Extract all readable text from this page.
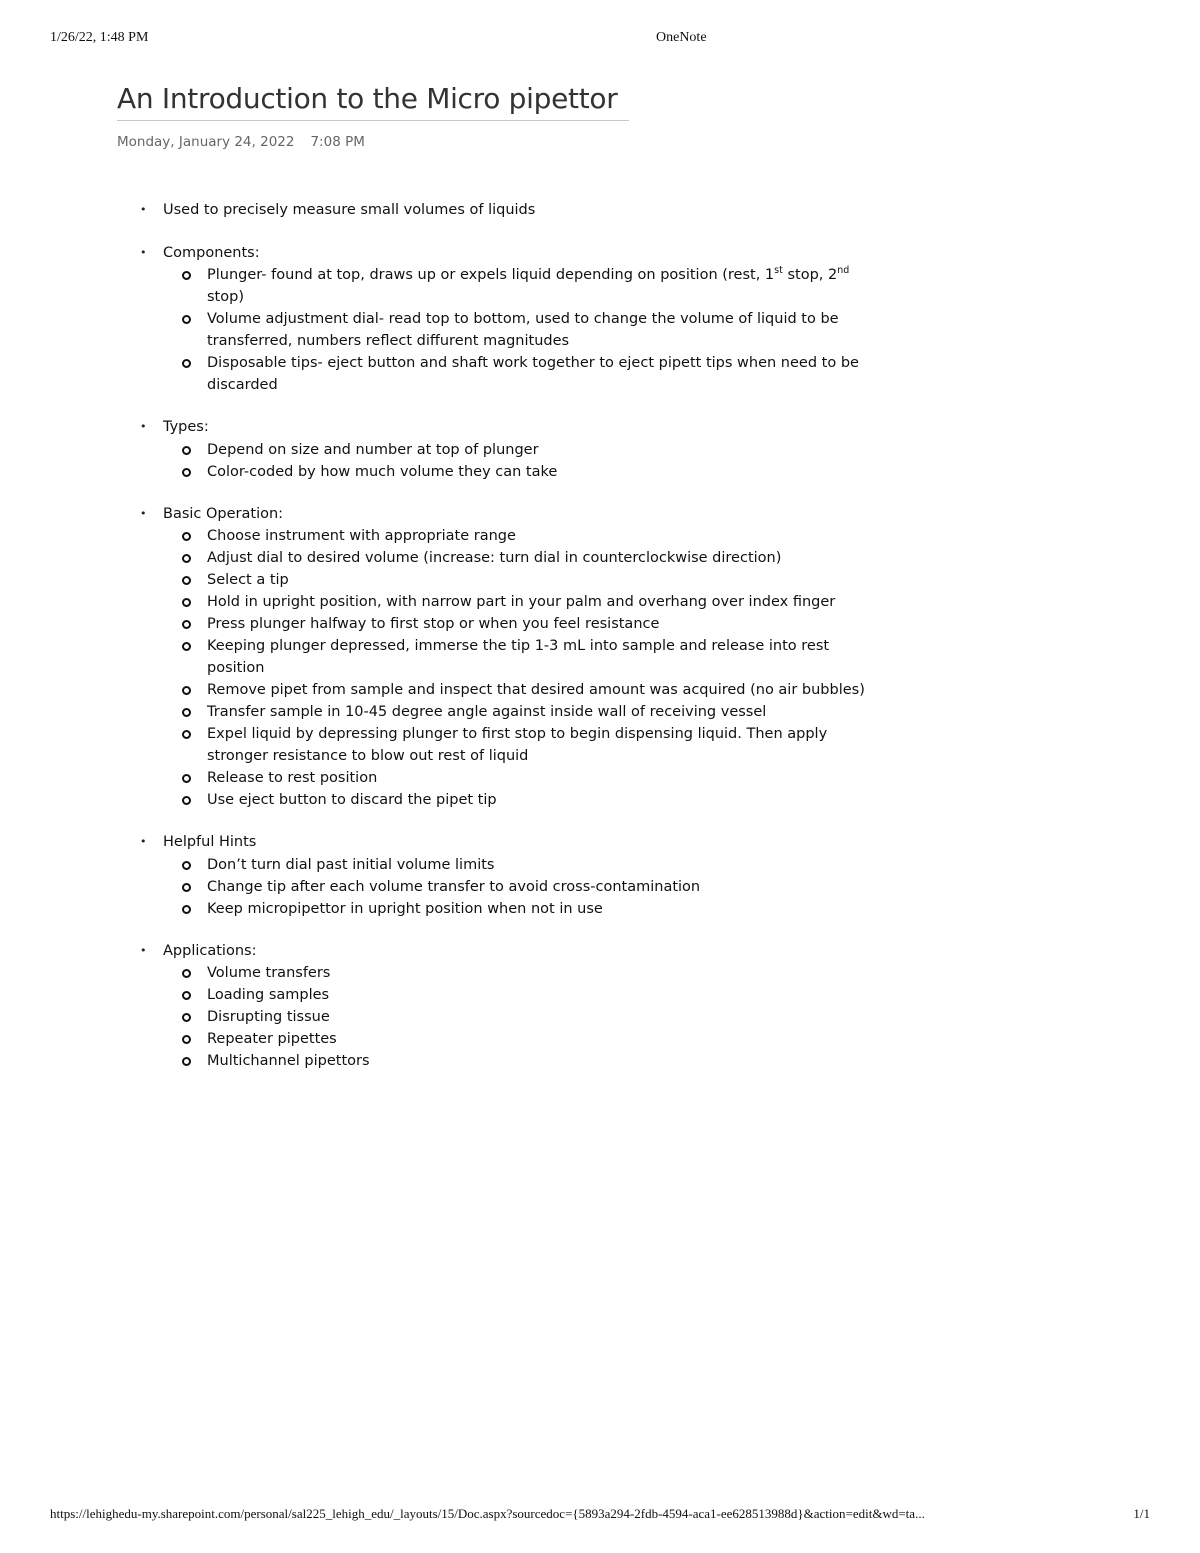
1/26/22, 1:48 PM	OneNote
An Introduction to the Micro pipettor
Monday, January 24, 2022 7:08 PM
• Used to precisely measure small volumes of liquids
• Components:
Plunger- found at top, draws up or expels liquid depending on position (rest, 1st stop, 2nd stop)
Volume adjustment dial- read top to bottom, used to change the volume of liquid to be transferred, numbers reflect diffurent magnitudes
Disposable tips- eject button and shaft work together to eject pipett tips when need to be discarded
• Types:
Depend on size and number at top of plunger
Color-coded by how much volume they can take
• Basic Operation:
Choose instrument with appropriate range
Adjust dial to desired volume (increase: turn dial in counterclockwise direction)
Select a tip
Hold in upright position, with narrow part in your palm and overhang over index finger
Press plunger halfway to first stop or when you feel resistance
Keeping plunger depressed, immerse the tip 1-3 mL into sample and release into rest position
Remove pipet from sample and inspect that desired amount was acquired (no air bubbles)
Transfer sample in 10-45 degree angle against inside wall of receiving vessel
Expel liquid by depressing plunger to first stop to begin dispensing liquid. Then apply stronger resistance to blow out rest of liquid
Release to rest position
Use eject button to discard the pipet tip
• Helpful Hints
Don’t turn dial past initial volume limits
Change tip after each volume transfer to avoid cross-contamination
Keep micropipettor in upright position when not in use
• Applications:
Volume transfers
Loading samples
Disrupting tissue
Repeater pipettes
Multichannel pipettors
https://lehighedu-my.sharepoint.com/personal/sal225_lehigh_edu/_layouts/15/Doc.aspx?sourcedoc={5893a294-2fdb-4594-aca1-ee628513988d}&action=edit&wd=ta...	1/1
